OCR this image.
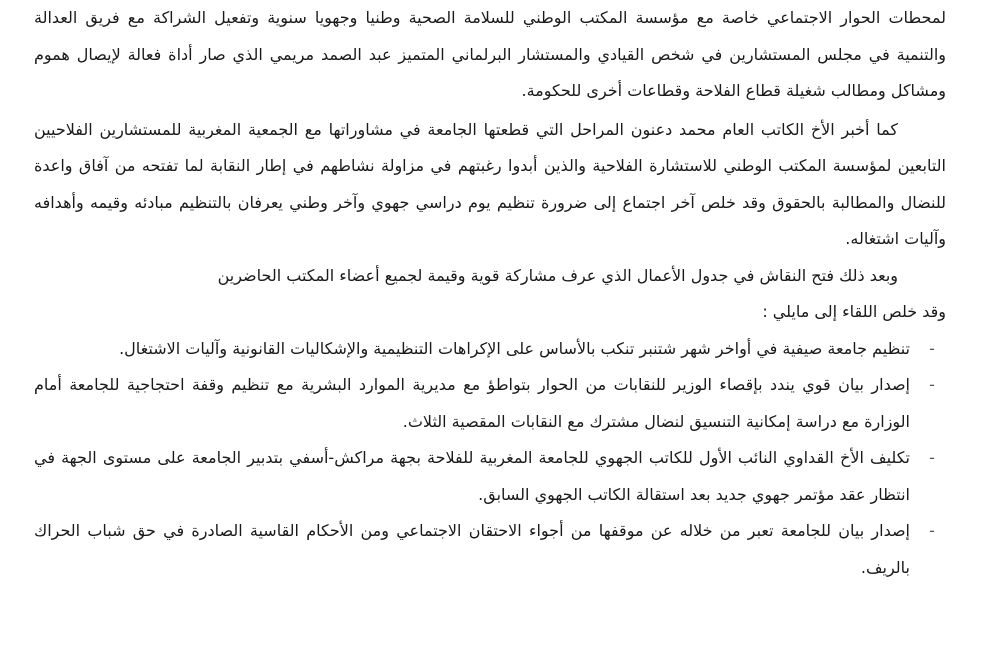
لمحطات الحوار الاجتماعي خاصة مع مؤسسة المكتب الوطني للسلامة الصحية وطنيا وجهويا سنوية وتفعيل الشراكة مع فريق العدالة والتنمية في مجلس المستشارين في شخص القيادي والمستشار البرلماني المتميز عبد الصمد مريمي الذي صار أداة فعالة لإيصال هموم ومشاكل ومطالب شغيلة قطاع الفلاحة وقطاعات أخرى للحكومة.

كما أخبر الأخ الكاتب العام محمد دعنون المراحل التي قطعتها الجامعة في مشاوراتها مع الجمعية المغربية للمستشارين الفلاحيين التابعين لمؤسسة المكتب الوطني للاستشارة الفلاحية والذين أبدوا رغبتهم في مزاولة نشاطهم في إطار النقابة لما تفتحه من آفاق واعدة للنضال والمطالبة بالحقوق وقد خلص آخر اجتماع إلى ضرورة تنظيم يوم دراسي جهوي وآخر وطني يعرفان بالتنظيم مبادئه وقيمه وأهدافه وآليات اشتغاله.

وبعد ذلك فتح النقاش في جدول الأعمال الذي عرف مشاركة قوية وقيمة لجميع أعضاء المكتب الحاضرين

وقد خلص اللقاء إلى مايلي :

-
تنظيم جامعة صيفية في أواخر شهر شتنبر تنكب بالأساس على الإكراهات التنظيمية والإشكاليات القانونية وآليات الاشتغال.
-
إصدار بيان قوي يندد بإقصاء الوزير للنقابات من الحوار بتواطؤ مع مديرية الموارد البشرية مع تنظيم وقفة احتجاجية للجامعة أمام الوزارة مع دراسة إمكانية التنسيق لنضال مشترك مع النقابات المقصية الثلاث.
-
تكليف الأخ القداوي النائب الأول للكاتب الجهوي للجامعة المغربية للفلاحة بجهة مراكش-أسفي بتدبير الجامعة على مستوى الجهة في انتظار عقد مؤتمر جهوي جديد بعد استقالة الكاتب الجهوي السابق.
-
إصدار بيان للجامعة تعبر من خلاله عن موقفها من أجواء الاحتقان الاجتماعي ومن الأحكام القاسية الصادرة في حق شباب الحراك بالريف.
